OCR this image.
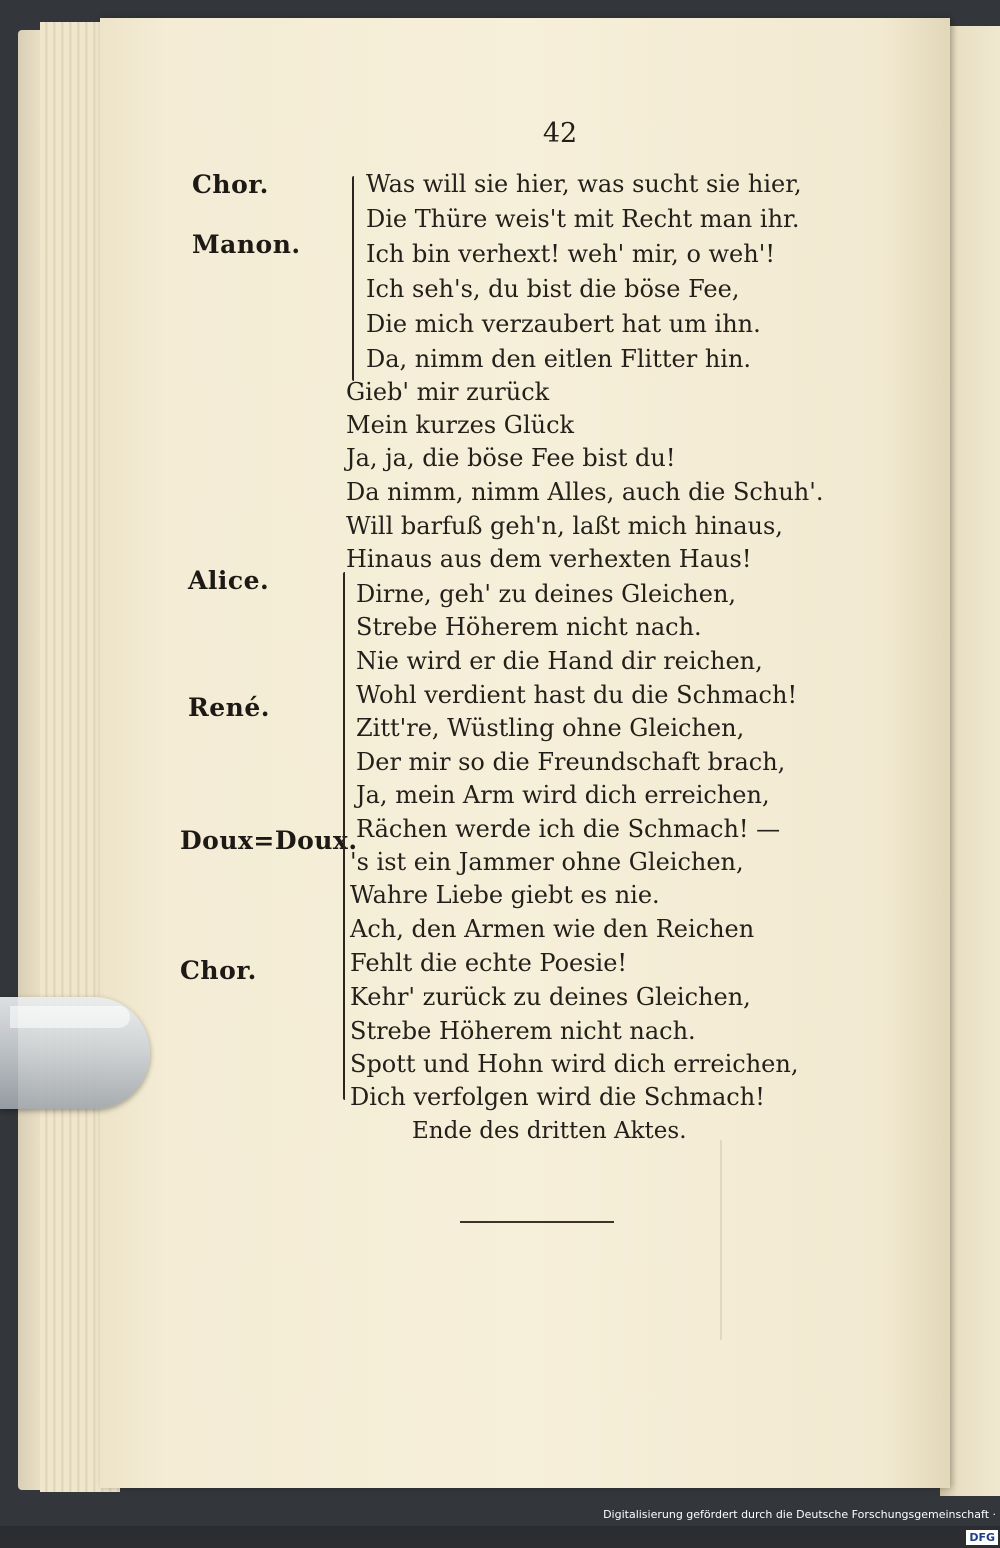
42
Chor.
Manon.
Alice.
René.
Doux=Doux.
Chor.
Was will sie hier, was sucht sie hier,
Die Thüre weis't mit Recht man ihr.
Ich bin verhext! weh' mir, o weh'!
Ich seh's, du bist die böse Fee,
Die mich verzaubert hat um ihn.
Da, nimm den eitlen Flitter hin.
Gieb' mir zurück
Mein kurzes Glück
Ja, ja, die böse Fee bist du!
Da nimm, nimm Alles, auch die Schuh'.
Will barfuß geh'n, laßt mich hinaus,
Hinaus aus dem verhexten Haus!
Dirne, geh' zu deines Gleichen,
Strebe Höherem nicht nach.
Nie wird er die Hand dir reichen,
Wohl verdient hast du die Schmach!
Zitt're, Wüstling ohne Gleichen,
Der mir so die Freundschaft brach,
Ja, mein Arm wird dich erreichen,
Rächen werde ich die Schmach! —
's ist ein Jammer ohne Gleichen,
Wahre Liebe giebt es nie.
Ach, den Armen wie den Reichen
Fehlt die echte Poesie!
Kehr' zurück zu deines Gleichen,
Strebe Höherem nicht nach.
Spott und Hohn wird dich erreichen,
Dich verfolgen wird die Schmach!
Ende des dritten Aktes.
Digitalisierung gefördert durch die Deutsche Forschungsgemeinschaft ·DFG
